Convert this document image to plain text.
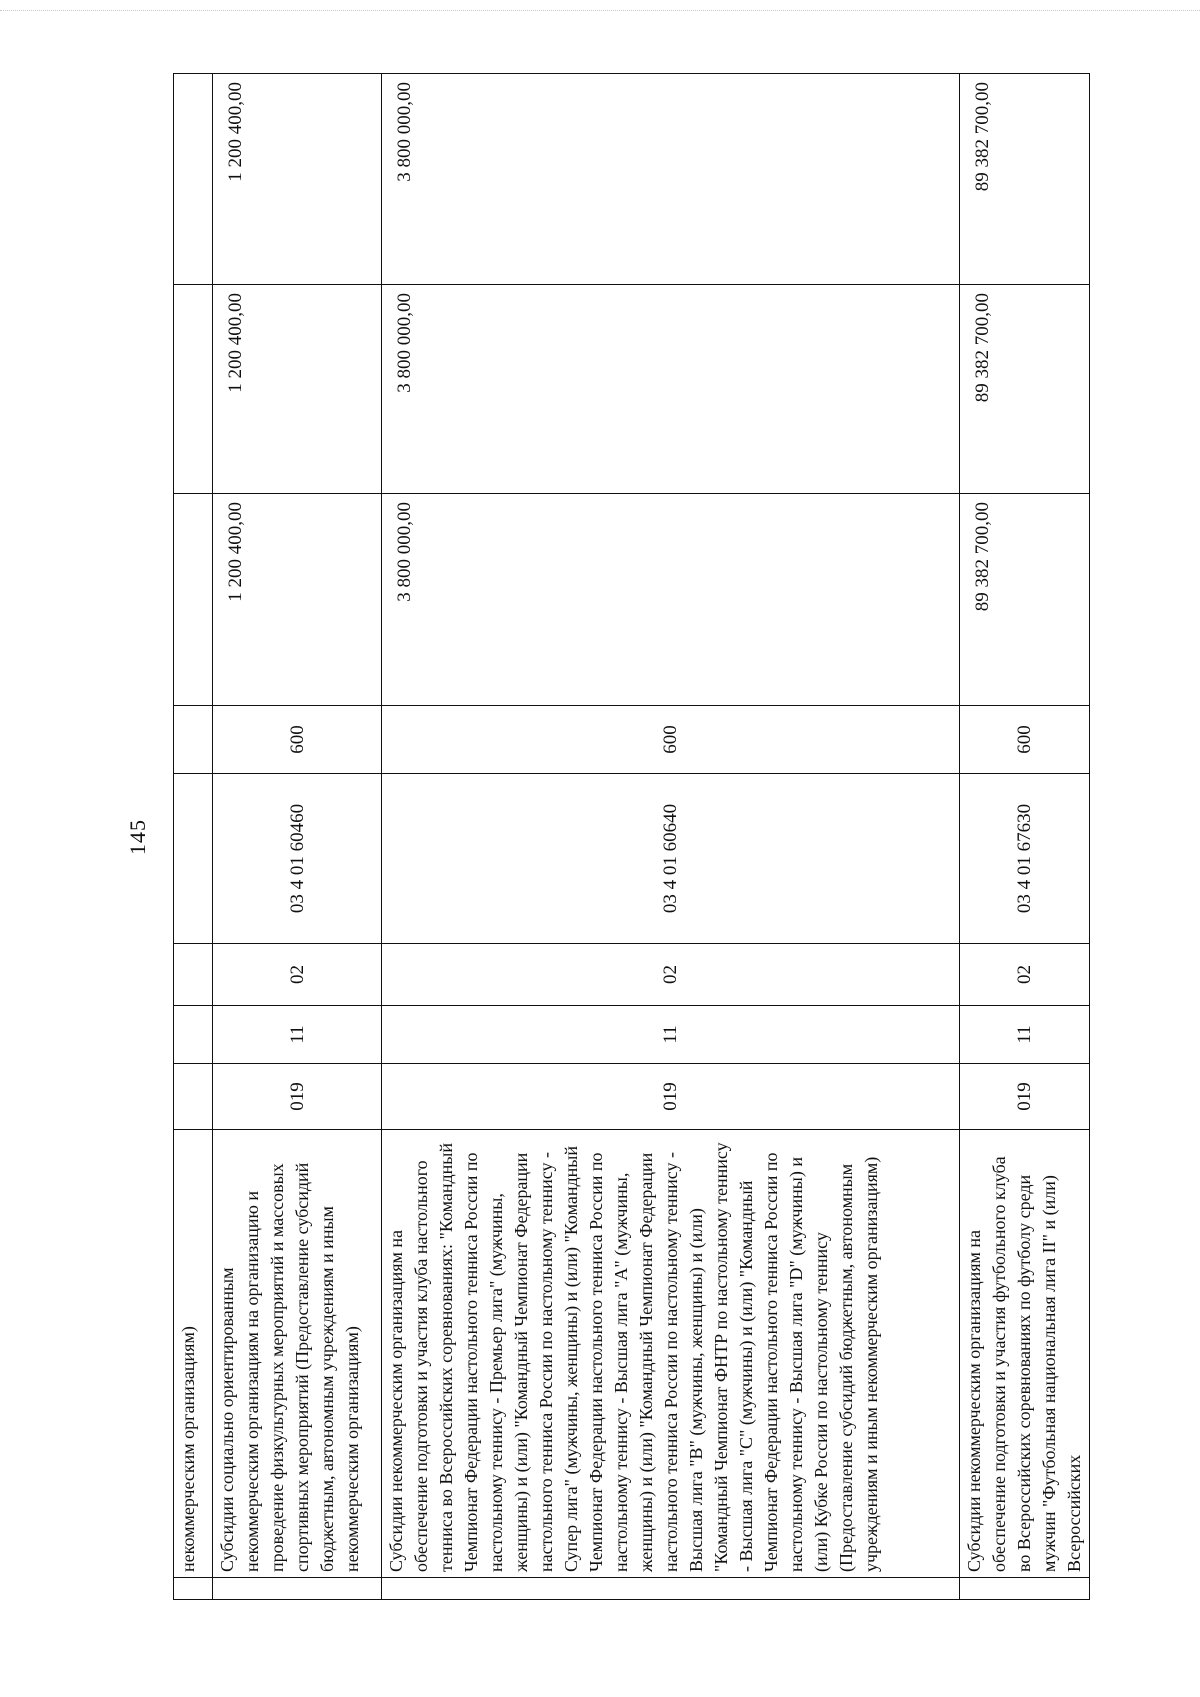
145
	некоммерческим организациям)								
	Субсидии социально ориентированным некоммерческим организациям на организацию и проведение физкультурных мероприятий и массовых спортивных мероприятий (Предоставление субсидий бюджетным, автономным учреждениям и иным некоммерческим организациям)	019	11	02	03 4 01 60460	600	1 200 400,00	1 200 400,00	1 200 400,00
	Субсидии некоммерческим организациям на обеспечение подготовки и участия клуба настольного тенниса во Всероссийских соревнованиях: "Командный Чемпионат Федерации настольного тенниса России по настольному теннису - Премьер лига" (мужчины, женщины) и (или) "Командный Чемпионат Федерации настольного тенниса России по настольному теннису - Супер лига" (мужчины, женщины) и (или) "Командный Чемпионат Федерации настольного тенниса России по настольному теннису - Высшая лига "А" (мужчины, женщины) и (или) "Командный Чемпионат Федерации настольного тенниса России по настольному теннису - Высшая лига "В" (мужчины, женщины) и (или) "Командный Чемпионат ФНТР по настольному теннису - Высшая лига "С" (мужчины) и (или) "Командный Чемпионат Федерации настольного тенниса России по настольному теннису - Высшая лига "D" (мужчины) и (или) Кубке России по настольному теннису (Предоставление субсидий бюджетным, автономным учреждениям и иным некоммерческим организациям)	019	11	02	03 4 01 60640	600	3 800 000,00	3 800 000,00	3 800 000,00
	Субсидии некоммерческим организациям на обеспечение подготовки и участия футбольного клуба во Всероссийских соревнованиях по футболу среди мужчин "Футбольная национальная лига II" и (или) Всероссийских	019	11	02	03 4 01 67630	600	89 382 700,00	89 382 700,00	89 382 700,00
